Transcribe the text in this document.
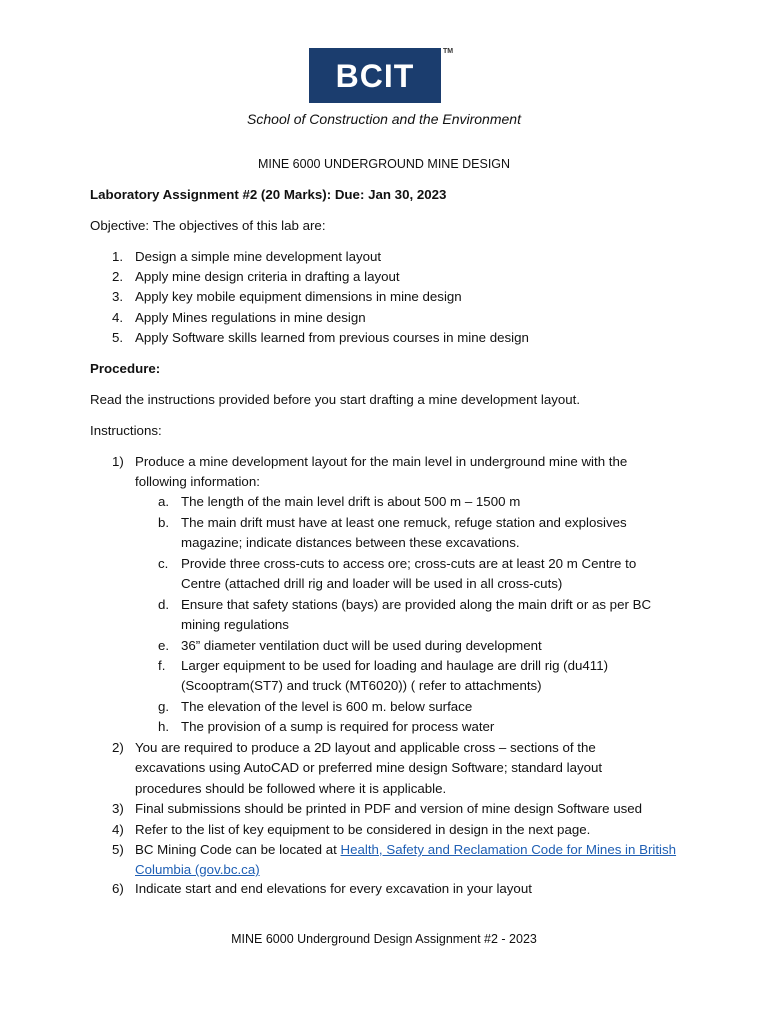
BCIT
TM
School of Construction and the Environment
MINE 6000 UNDERGROUND MINE DESIGN
Laboratory Assignment #2 (20 Marks): Due: Jan 30, 2023
Objective: The objectives of this lab are:
1. Design a simple mine development layout
2. Apply mine design criteria in drafting a layout
3. Apply key mobile equipment dimensions in mine design
4. Apply Mines regulations in mine design
5. Apply Software skills learned from previous courses in mine design
Procedure:
Read the instructions provided before you start drafting a mine development layout.
Instructions:
1) Produce a mine development layout for the main level in underground mine with the
following information:
a. The length of the main level drift is about 500 m – 1500 m
b. The main drift must have at least one remuck, refuge station and explosives
magazine; indicate distances between these excavations.
c. Provide three cross-cuts to access ore; cross-cuts are at least 20 m Centre to
Centre (attached drill rig and loader will be used in all cross-cuts)
d. Ensure that safety stations (bays) are provided along the main drift or as per BC
mining regulations
e. 36” diameter ventilation duct will be used during development
f. Larger equipment to be used for loading and haulage are drill rig (du411)
(Scooptram(ST7) and truck (MT6020)) ( refer to attachments)
g. The elevation of the level is 600 m. below surface
h. The provision of a sump is required for process water
2) You are required to produce a 2D layout and applicable cross – sections of the
excavations using AutoCAD or preferred mine design Software; standard layout
procedures should be followed where it is applicable.
3) Final submissions should be printed in PDF and version of mine design Software used
4) Refer to the list of key equipment to be considered in design in the next page.
5) BC Mining Code can be located at Health, Safety and Reclamation Code for Mines in British
Columbia (gov.bc.ca)
6) Indicate start and end elevations for every excavation in your layout
MINE 6000 Underground Design Assignment #2 - 2023
